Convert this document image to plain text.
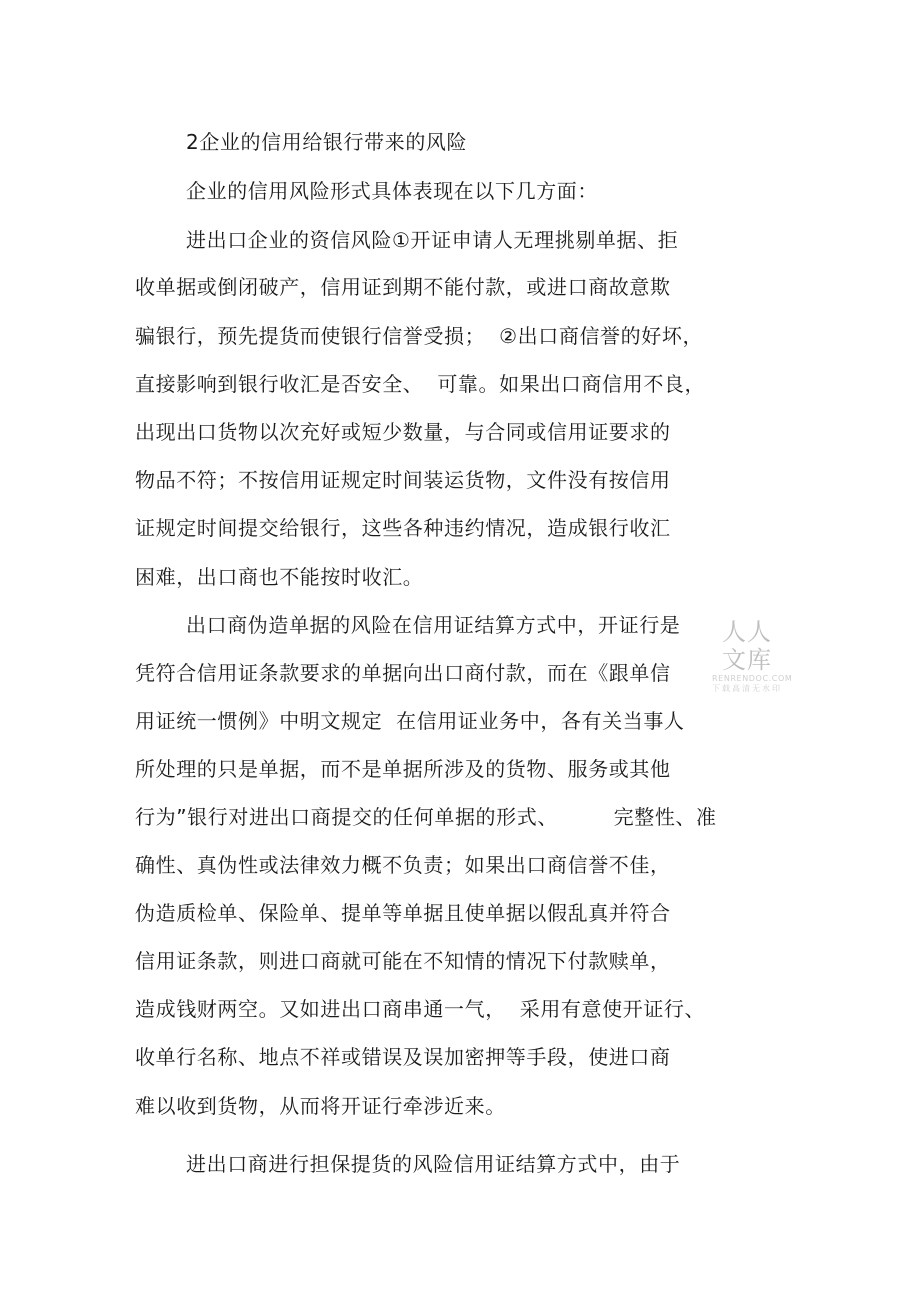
2企业的信用给银行带来的风险

企业的信用风险形式具体表现在以下几方面：

进出口企业的资信风险①开证申请人无理挑剔单据、拒

收单据或倒闭破产，信用证到期不能付款，或进口商故意欺

骗银行，预先提货而使银行信誉受损；  ②出口商信誉的好坏，

直接影响到银行收汇是否安全、  可靠。如果出口商信用不良，

出现出口货物以次充好或短少数量，与合同或信用证要求的

物品不符；不按信用证规定时间装运货物，文件没有按信用

证规定时间提交给银行，这些各种违约情况，造成银行收汇

困难，出口商也不能按时收汇。

出口商伪造单据的风险在信用证结算方式中，开证行是

凭符合信用证条款要求的单据向出口商付款，而在《跟单信

用证统一惯例》中明文规定  在信用证业务中，各有关当事人

所处理的只是单据，而不是单据所涉及的货物、服务或其他

行为”银行对进出口商提交的任何单据的形式、        完整性、准

确性、真伪性或法律效力概不负责；如果出口商信誉不佳，

伪造质检单、保险单、提单等单据且使单据以假乱真并符合

信用证条款，则进口商就可能在不知情的情况下付款赎单，

造成钱财两空。又如进出口商串通一气，  采用有意使开证行、

收单行名称、地点不祥或错误及误加密押等手段，使进口商

难以收到货物，从而将开证行牵涉近来。

进出口商进行担保提货的风险信用证结算方式中，由于

人人文库
RENRENDOC.COM
下载高清无水印
